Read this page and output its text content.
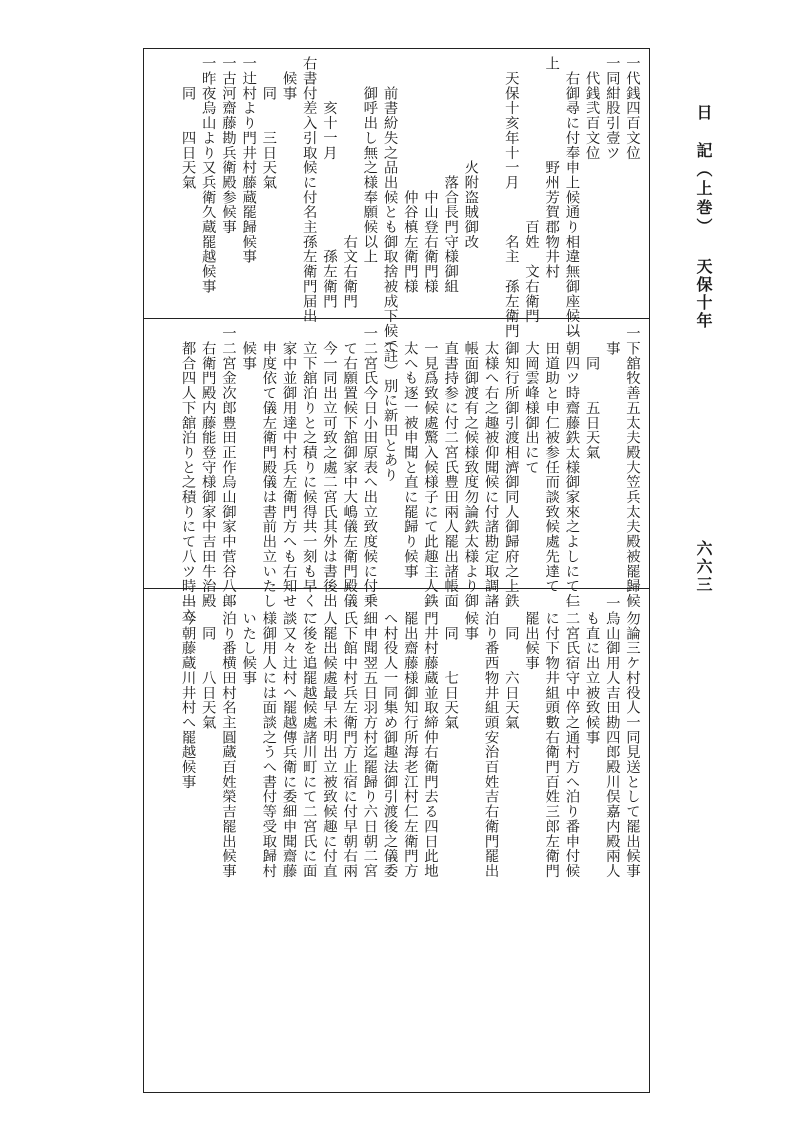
日　記（上巻）
天保十年
六六三
一代銭四百文位
一同紺股引壹ツ
　代銭弐百文位
　右御尋に付奉申上候通り相違無御座候以
上　　　　　　野州芳賀郡物井村
　　　　　　　　　　　百姓　文右衛門
　天保十亥年十一月　　　名主　孫左衛門

　　　　　　　火附盗賊御改
　　　　　　　　落合長門守様御組
　　　　　　　　　中山登右衛門様
　　　　　　　　　仲谷槙左衛門様
　　前書紛失之品出候とも御取捨被成下候て
　　御呼出し無之様奉願候以上
　　　　　　　　　　　　右文右衛門
　　　亥十一月　　　　　　孫左衛門
右書付差入引取候に付名主孫左衛門届出
　候事
　　同　　三日天氣
一辻村より門井村藤蔵罷歸候事
一古河齋藤勘兵衛殿参候事
一昨夜烏山より又兵衛久蔵罷越候事
　　同　　四日天氣
一下舘牧善五太夫殿大笠兵太夫殿被罷歸候
　事
　　同　　五日天氣
一朝四ツ時齋藤鉄太様御家來之よしにて仁
　田道助と申仁被参任而談致候處先達て
　大岡雲峰様御出にて
　御知行所御引渡相濟御同人御歸府之上鉄
　太様へ右之趣被仰聞候に付諸勘定取調諸
　帳面御渡有之候様致度勿論鉄太様より御
　直書持参に付二宮氏豊田兩人罷出諸帳面
　一見爲致候處驚入候様子にて此趣主人鉄
　太へも逐一被申聞と直に罷歸り候事
　（註）別に新田とあり
一二宮氏今日小田原表へ出立致度候に付乗
　て右願置候下舘御家中大嶋儀左衛門殿儀
　今一同出立可致之處二宮氏其外は書後出
　立下舘泊りと之積りに候得共一刻も早く一
　家中並御用達中村兵左衛門方へも右知せ
　申度依て儀左衛門殿儀は書前出立いたし
　候事
一二宮金次郎豊田正作烏山御家中菅谷八郎
　右衛門殿内藤能登守様御家中吉田牛治殿
　都合四人下舘泊りと之積りにて八ツ時出立
　勿論三ケ村役人一同見送として罷出候事
一烏山御用人吉田勘四郎殿川俣嘉内殿兩人
　も直に出立被致候事
一二宮氏宿守中倅之通村方へ泊り番申付候
　に付下物井組頭數右衛門百姓三郎左衛門
　罷出候事
　　同　　六日天氣
一泊り番西物井組頭安治百姓吉右衛門罷出
　候事
　　同　　七日天氣
一門井村藤蔵並取締仲右衛門去る四日此地
　罷出齋藤様御知行所海老江村仁左衛門方
　へ村役人一同集め御趣法御引渡後之儀委
　細申聞翌五日羽方村迄罷歸り六日朝二宮
　氏下館中村兵左衛門方止宿に付早朝右兩
　人罷出候處最早未明出立被致候趣に付直
　に後を追罷越候處諸川町にて二宮氏に面
　談又々辻村へ罷越傳兵衛に委細申聞齋藤
　様御用人には面談之うへ書付等受取歸村
　いたし候事
一泊り番横田村名主圓蔵百姓榮吉罷出候事
　　同　　八日天氣
一今朝藤蔵川井村へ罷越候事
